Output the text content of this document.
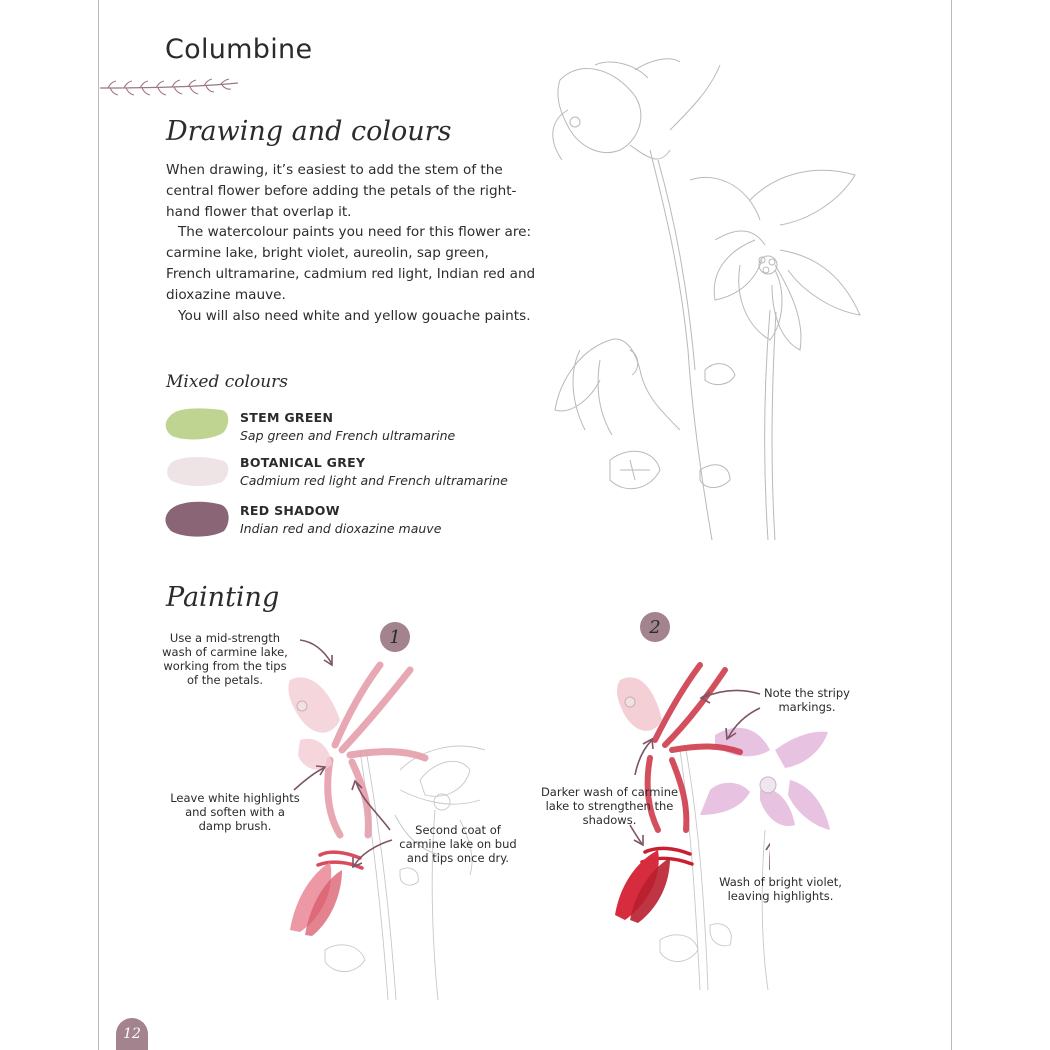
Columbine
Drawing and colours

When drawing, it’s easiest to add the stem of the central flower before adding the petals of the right-hand flower that overlap it.

The watercolour paints you need for this flower are: carmine lake, bright violet, aureolin, sap green, French ultramarine, cadmium red light, Indian red and dioxazine mauve.

You will also need white and yellow gouache paints.

Mixed colours
STEM GREEN
Sap green and French ultramarine
BOTANICAL GREY
Cadmium red light and French ultramarine
RED SHADOW
Indian red and dioxazine mauve
Painting
1
Use a mid-strength wash of carmine lake, working from the tips of the petals.
Leave white highlights and soften with a damp brush.	Second coat of carmine lake on bud and tips once dry.
2
Note the stripy markings.
Darker wash of carmine lake to strengthen the shadows.
Wash of bright violet, leaving highlights.
12
